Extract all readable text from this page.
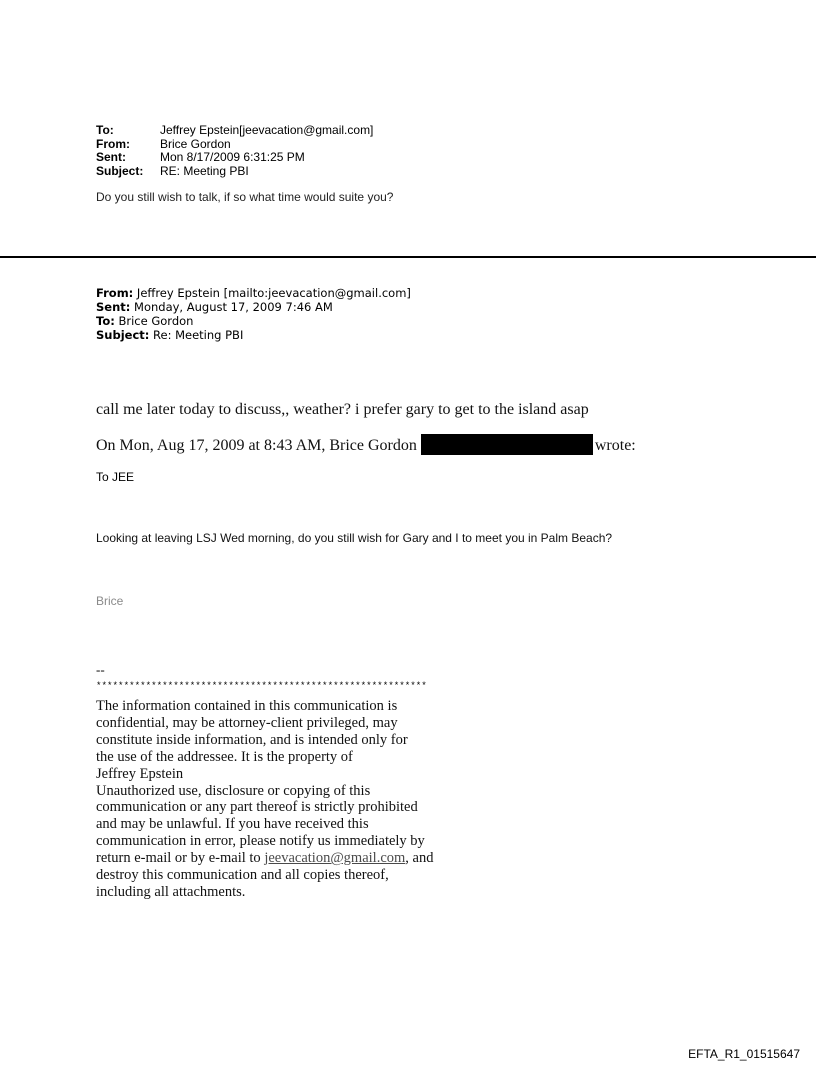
To:	Jeffrey Epstein[jeevacation@gmail.com]
From:	Brice Gordon
Sent:	Mon 8/17/2009 6:31:25 PM
Subject:	RE: Meeting PBI
Do you still wish to talk, if so what time would suite you?
From: Jeffrey Epstein [mailto:jeevacation@gmail.com]
Sent: Monday, August 17, 2009 7:46 AM
To: Brice Gordon
Subject: Re: Meeting PBI
call me later today to discuss,, weather? i prefer gary to get to the island asap
On Mon, Aug 17, 2009 at 8:43 AM, Brice Gordon	wrote:
To JEE
Looking at leaving LSJ Wed morning, do you still wish for Gary and I to meet you in Palm Beach?
Brice
--
************************************************************
The information contained in this communication is
confidential, may be attorney-client privileged, may
constitute inside information, and is intended only for
the use of the addressee. It is the property of
Jeffrey Epstein
Unauthorized use, disclosure or copying of this
communication or any part thereof is strictly prohibited
and may be unlawful. If you have received this
communication in error, please notify us immediately by
return e-mail or by e-mail to jeevacation@gmail.com, and
destroy this communication and all copies thereof,
including all attachments.
EFTA_R1_01515647
